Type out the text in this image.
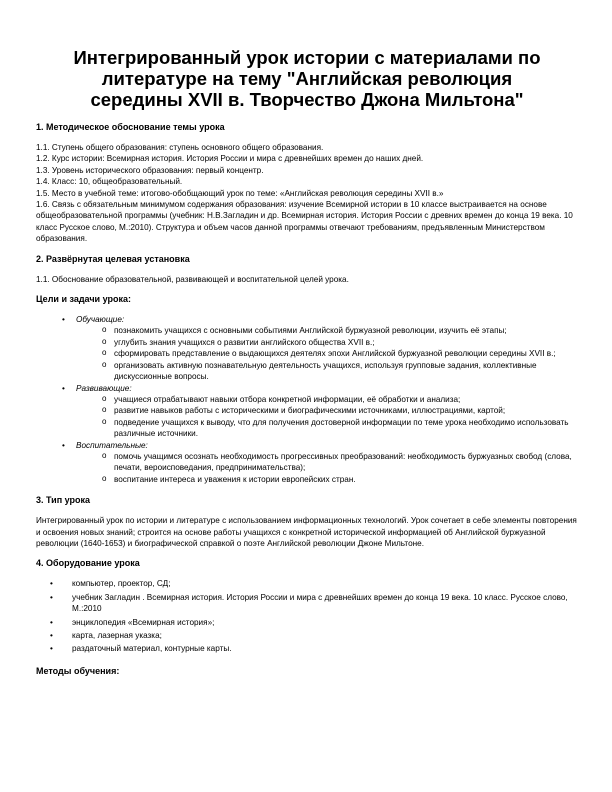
Интегрированный урок истории с материалами по
литературе на тему "Английская революция
середины XVII в. Творчество Джона Мильтона"
1. Методическое обоснование темы урока

1.1. Ступень общего образования: ступень основного общего образования.

1.2. Курс истории: Всемирная история. История России и мира с древнейших времен до наших дней.

1.3. Уровень исторического образования: первый концентр.

1.4. Класс: 10, общеобразовательный.

1.5. Место в учебной теме: итогово-обобщающий урок по теме: «Английская революция середины XVII в.»

1.6. Связь с обязательным минимумом содержания образования: изучение Всемирной истории в 10 классе выстраивается на основе общеобразовательной программы (учебник: Н.В.Загладин и др. Всемирная история. История России с древних времен до конца 19 века. 10 класс Русское слово, М.:2010). Структура и объем часов данной программы отвечают требованиям, предъявленным Министерством образования.

2. Развёрнутая целевая установка

1.1. Обоснование образовательной, развивающей и воспитательной целей урока.

Цели и задачи урока:
• Обучающие:
o познакомить учащихся с основными событиями Английской буржуазной революции, изучить её этапы;
o углубить знания учащихся о развитии английского общества XVII в.;
o сформировать представление о выдающихся деятелях эпохи Английской буржуазной революции середины XVII в.;
o организовать активную познавательную деятельность учащихся, используя групповые задания, коллективные дискуссионные вопросы.
• Развивающие:
o учащиеся отрабатывают навыки отбора конкретной информации, её обработки и анализа;
o развитие навыков работы с историческими и биографическими источниками, иллюстрациями, картой;
o подведение учащихся к выводу, что для получения достоверной информации по теме урока необходимо использовать различные источники.
• Воспитательные:
o помочь учащимся осознать необходимость прогрессивных преобразований: необходимость буржуазных свобод (слова, печати, вероисповедания, предпринимательства);
o воспитание интереса и уважения к истории европейских стран.
3. Тип урока

Интегрированный урок по истории и литературе с использованием информационных технологий. Урок сочетает в себе элементы повторения и освоения новых знаний; строится на основе работы учащихся с конкретной исторической информацией об Английской буржуазной революции (1640-1653) и биографической справкой о поэте Английской революции Джоне Мильтоне.

4. Оборудование урока
• компьютер, проектор, СД;
• учебник Загладин . Всемирная история. История России и мира с древнейших времен до конца 19 века. 10 класс. Русское слово, М.:2010
• энциклопедия «Всемирная история»;
• карта, лазерная указка;
• раздаточный материал, контурные карты.
Методы обучения:
